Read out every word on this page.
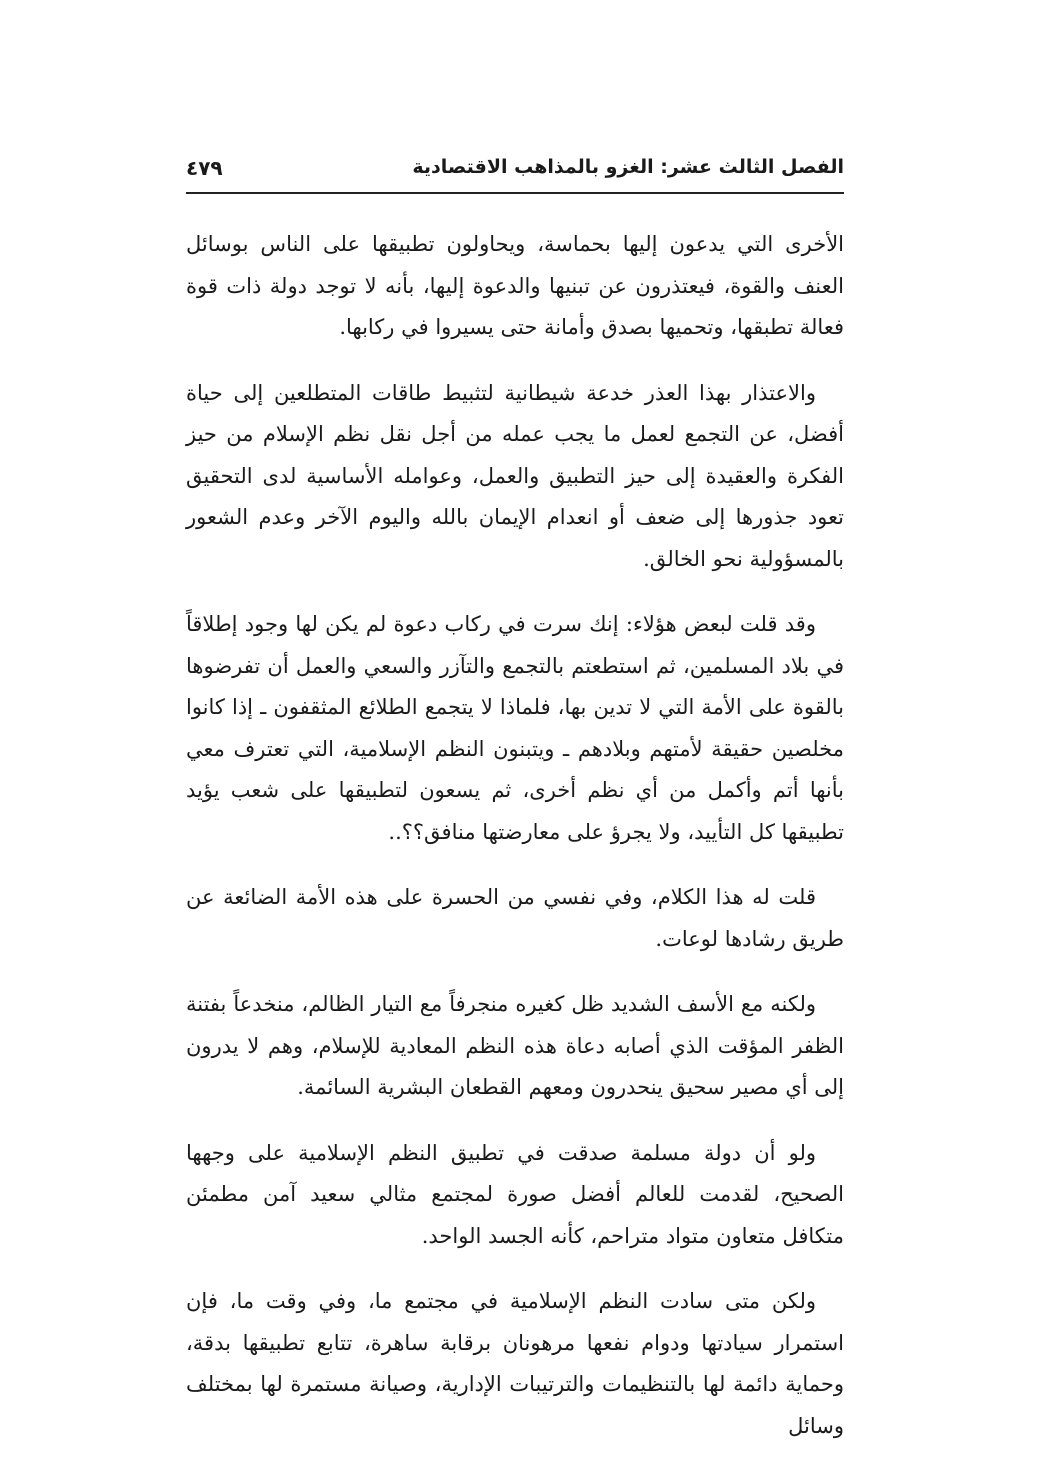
الفصل الثالث عشر: الغزو بالمذاهب الاقتصادية
٤٧٩

الأخرى التي يدعون إليها بحماسة، ويحاولون تطبيقها على الناس بوسائل العنف والقوة، فيعتذرون عن تبنيها والدعوة إليها، بأنه لا توجد دولة ذات قوة فعالة تطبقها، وتحميها بصدق وأمانة حتى يسيروا في ركابها.

والاعتذار بهذا العذر خدعة شيطانية لتثبيط طاقات المتطلعين إلى حياة أفضل، عن التجمع لعمل ما يجب عمله من أجل نقل نظم الإسلام من حيز الفكرة والعقيدة إلى حيز التطبيق والعمل، وعوامله الأساسية لدى التحقيق تعود جذورها إلى ضعف أو انعدام الإيمان بالله واليوم الآخر وعدم الشعور بالمسؤولية نحو الخالق.

وقد قلت لبعض هؤلاء: إنك سرت في ركاب دعوة لم يكن لها وجود إطلاقاً في بلاد المسلمين، ثم استطعتم بالتجمع والتآزر والسعي والعمل أن تفرضوها بالقوة على الأمة التي لا تدين بها، فلماذا لا يتجمع الطلائع المثقفون ـ إذا كانوا مخلصين حقيقة لأمتهم وبلادهم ـ ويتبنون النظم الإسلامية، التي تعترف معي بأنها أتم وأكمل من أي نظم أخرى، ثم يسعون لتطبيقها على شعب يؤيد تطبيقها كل التأييد، ولا يجرؤ على معارضتها منافق؟؟..

قلت له هذا الكلام، وفي نفسي من الحسرة على هذه الأمة الضائعة عن طريق رشادها لوعات.

ولكنه مع الأسف الشديد ظل كغيره منجرفاً مع التيار الظالم، منخدعاً بفتنة الظفر المؤقت الذي أصابه دعاة هذه النظم المعادية للإسلام، وهم لا يدرون إلى أي مصير سحيق ينحدرون ومعهم القطعان البشرية السائمة.

ولو أن دولة مسلمة صدقت في تطبيق النظم الإسلامية على وجهها الصحيح، لقدمت للعالم أفضل صورة لمجتمع مثالي سعيد آمن مطمئن متكافل متعاون متواد متراحم، كأنه الجسد الواحد.

ولكن متى سادت النظم الإسلامية في مجتمع ما، وفي وقت ما، فإن استمرار سيادتها ودوام نفعها مرهونان برقابة ساهرة، تتابع تطبيقها بدقة، وحماية دائمة لها بالتنظيمات والترتيبات الإدارية، وصيانة مستمرة لها بمختلف وسائل
